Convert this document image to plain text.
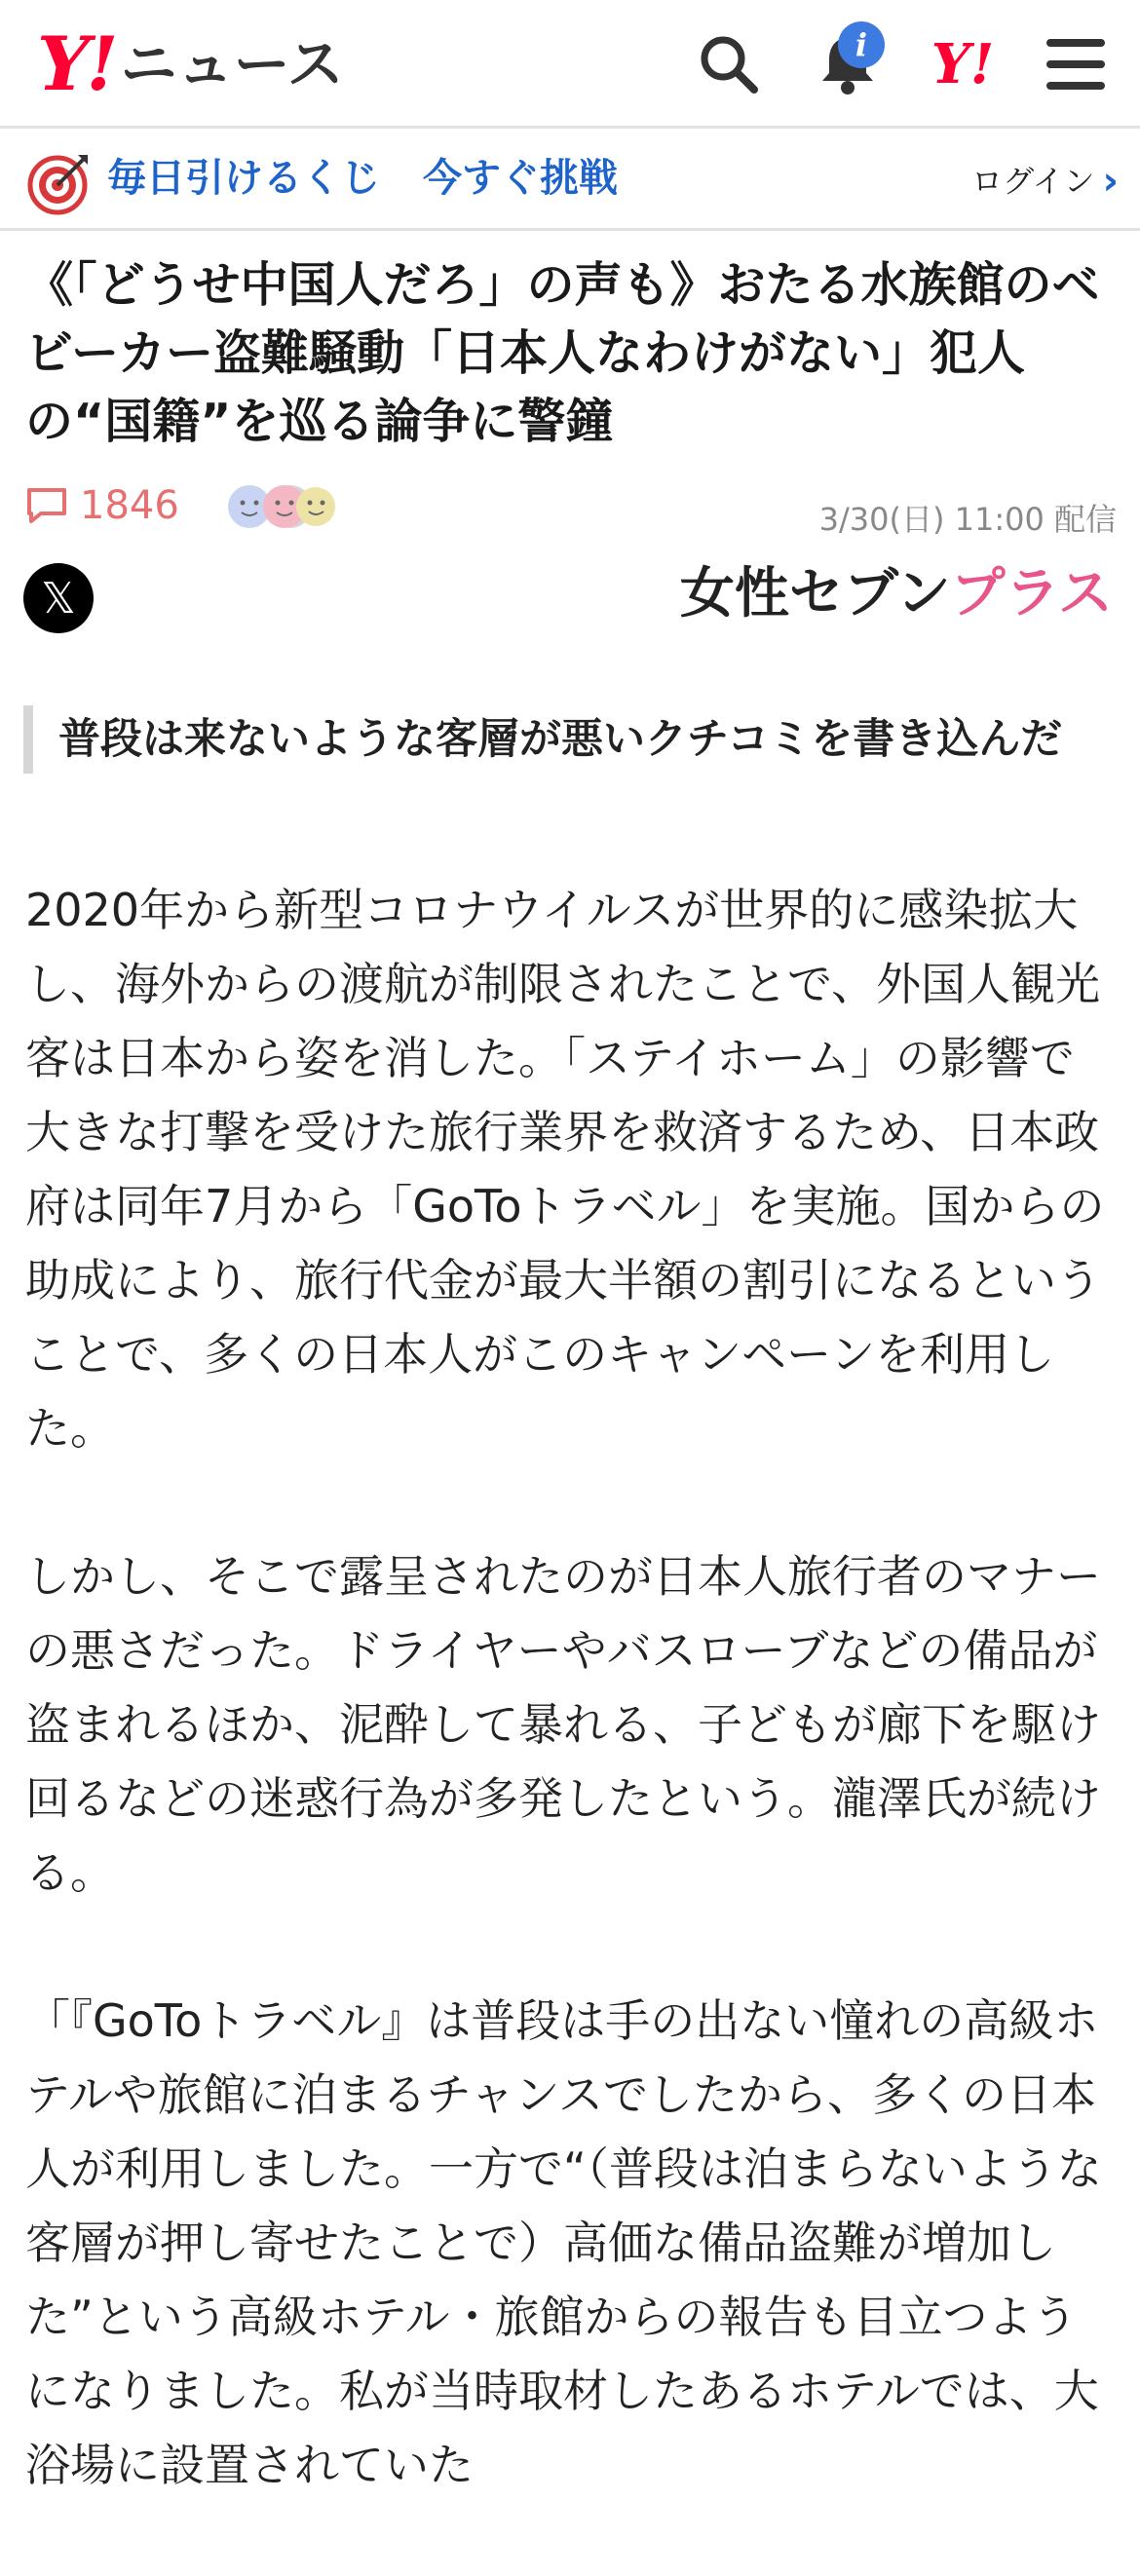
Y! ニュース	i	Y!
毎日引けるくじ 今すぐ挑戦	ログイン ›
《「どうせ中国人だろ」の声も》おたる水族館のベビーカー盗難騒動「日本人なわけがない」犯人の“国籍”を巡る論争に警鐘
1846	3/30(日) 11:00 配信
𝕏	女性セブンプラス
普段は来ないような客層が悪いクチコミを書き込んだ

2020年から新型コロナウイルスが世界的に感染拡大し、海外からの渡航が制限されたことで、外国人観光客は日本から姿を消した。「ステイホーム」の影響で大きな打撃を受けた旅行業界を救済するため、日本政府は同年7月から「GoToトラベル」を実施。国からの助成により、旅行代金が最大半額の割引になるということで、多くの日本人がこのキャンペーンを利用した。

しかし、そこで露呈されたのが日本人旅行者のマナーの悪さだった。ドライヤーやバスローブなどの備品が盗まれるほか、泥酔して暴れる、子どもが廊下を駆け回るなどの迷惑行為が多発したという。瀧澤氏が続ける。

「『GoToトラベル』は普段は手の出ない憧れの高級ホテルや旅館に泊まるチャンスでしたから、多くの日本人が利用しました。一方で“（普段は泊まらないような客層が押し寄せたことで）高価な備品盗難が増加した”という高級ホテル・旅館からの報告も目立つようになりました。私が当時取材したあるホテルでは、大浴場に設置されていた
